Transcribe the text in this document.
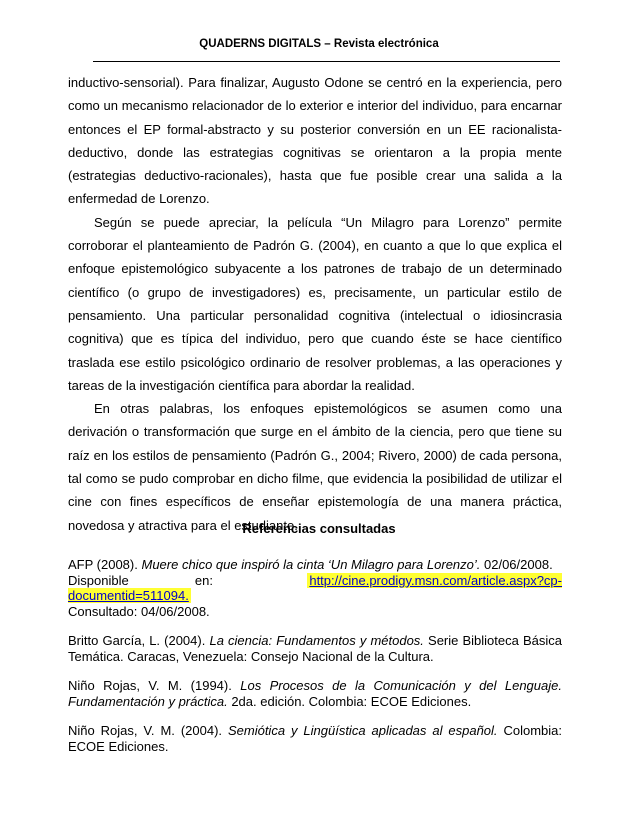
QUADERNS DIGITALS – Revista electrónica

inductivo-sensorial). Para finalizar, Augusto Odone se centró en la experiencia, pero como un mecanismo relacionador de lo exterior e interior del individuo, para encarnar entonces el EP formal-abstracto y su posterior conversión en un EE racionalista-deductivo, donde las estrategias cognitivas se orientaron a la propia mente (estrategias deductivo-racionales), hasta que fue posible crear una salida a la enfermedad de Lorenzo.

Según se puede apreciar, la película “Un Milagro para Lorenzo” permite corroborar el planteamiento de Padrón G. (2004), en cuanto a que lo que explica el enfoque epistemológico subyacente a los patrones de trabajo de un determinado científico (o grupo de investigadores) es, precisamente, un particular estilo de pensamiento. Una particular personalidad cognitiva (intelectual o idiosincrasia cognitiva) que es típica del individuo, pero que cuando éste se hace científico traslada ese estilo psicológico ordinario de resolver problemas, a las operaciones y tareas de la investigación científica para abordar la realidad.

En otras palabras, los enfoques epistemológicos se asumen como una derivación o transformación que surge en el ámbito de la ciencia, pero que tiene su raíz en los estilos de pensamiento (Padrón G., 2004; Rivero, 2000) de cada persona, tal como se pudo comprobar en dicho filme, que evidencia la posibilidad de utilizar el cine con fines específicos de enseñar epistemología de una manera práctica, novedosa y atractiva para el estudiante.

Referencias consultadas

AFP (2008). Muere chico que inspiró la cinta ‘Un Milagro para Lorenzo’. 02/06/2008.
Disponible en:	http://cine.prodigy.msn.com/article.aspx?cp-documentid=511094.
Consultado: 04/06/2008.

Britto García, L. (2004). La ciencia: Fundamentos y métodos. Serie Biblioteca Básica Temática. Caracas, Venezuela: Consejo Nacional de la Cultura.

Niño Rojas, V. M. (1994). Los Procesos de la Comunicación y del Lenguaje. Fundamentación y práctica. 2da. edición. Colombia: ECOE Ediciones.

Niño Rojas, V. M. (2004). Semiótica y Lingüística aplicadas al español. Colombia: ECOE Ediciones.
